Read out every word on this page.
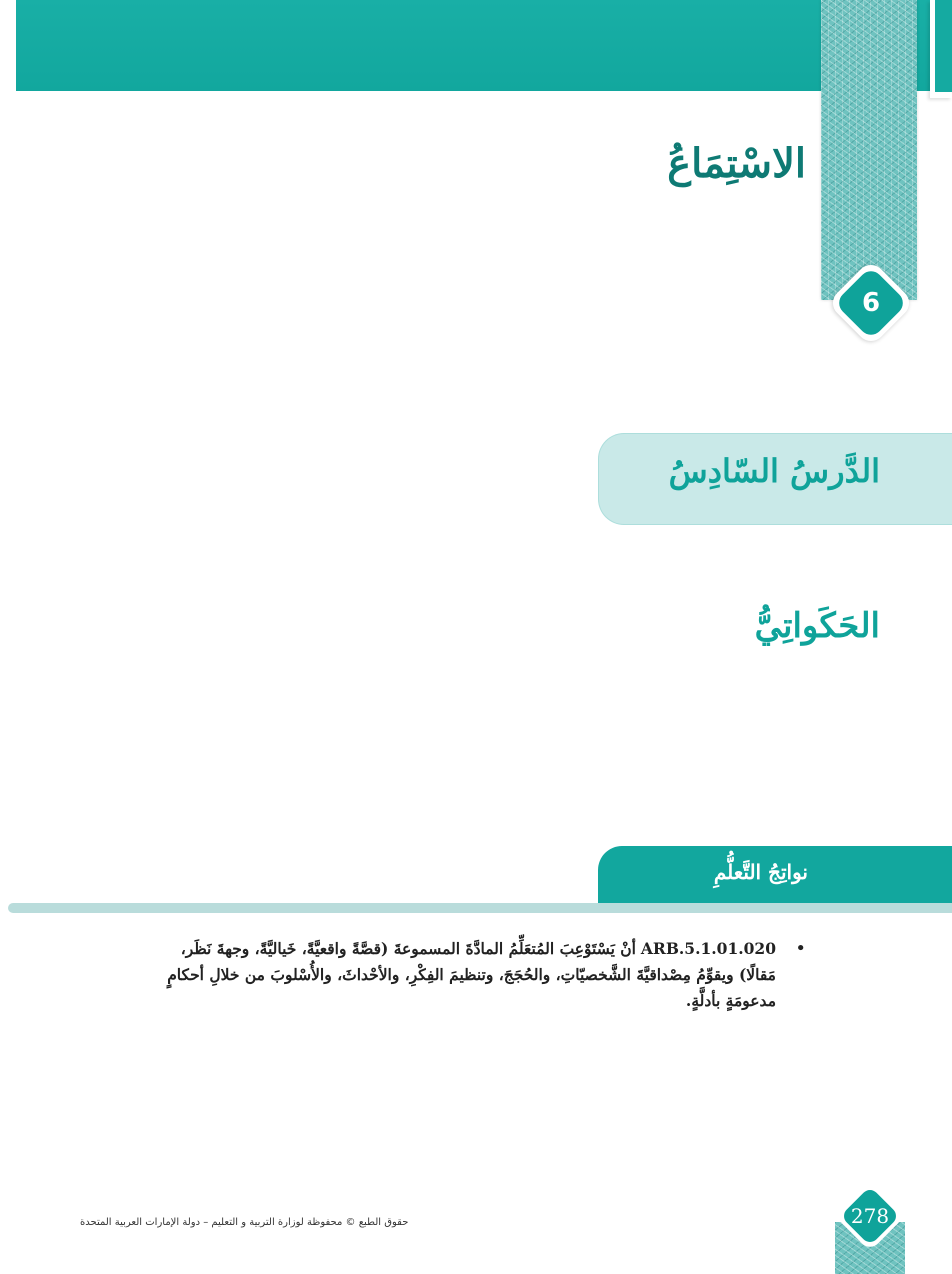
6
الاسْتِمَاعُ
الدَّرسُ السّادِسُ
الحَكَواتِيُّ
نواتِجُ التَّعلُّمِ
•
ARB.5.1.01.020 أنْ يَسْتَوْعِبَ المُتعَلِّمُ المادَّةَ المسموعةَ (قصَّةً واقعيَّةً، خَياليَّةً، وجهةَ نَظَر، مَقالًا) ويقوِّمُ مِصْداقيَّةَ الشَّخصيّاتِ، والحُجَجَ، وتنظيمَ الفِكْرِ، والأحْداثَ، والأُسْلوبَ من خلالِ أحكامٍ مدعومَةٍ بأدلَّةٍ.
278
حقوق الطبع © محفوظة لوزارة التربية و التعليم – دولة الإمارات العربية المتحدة
